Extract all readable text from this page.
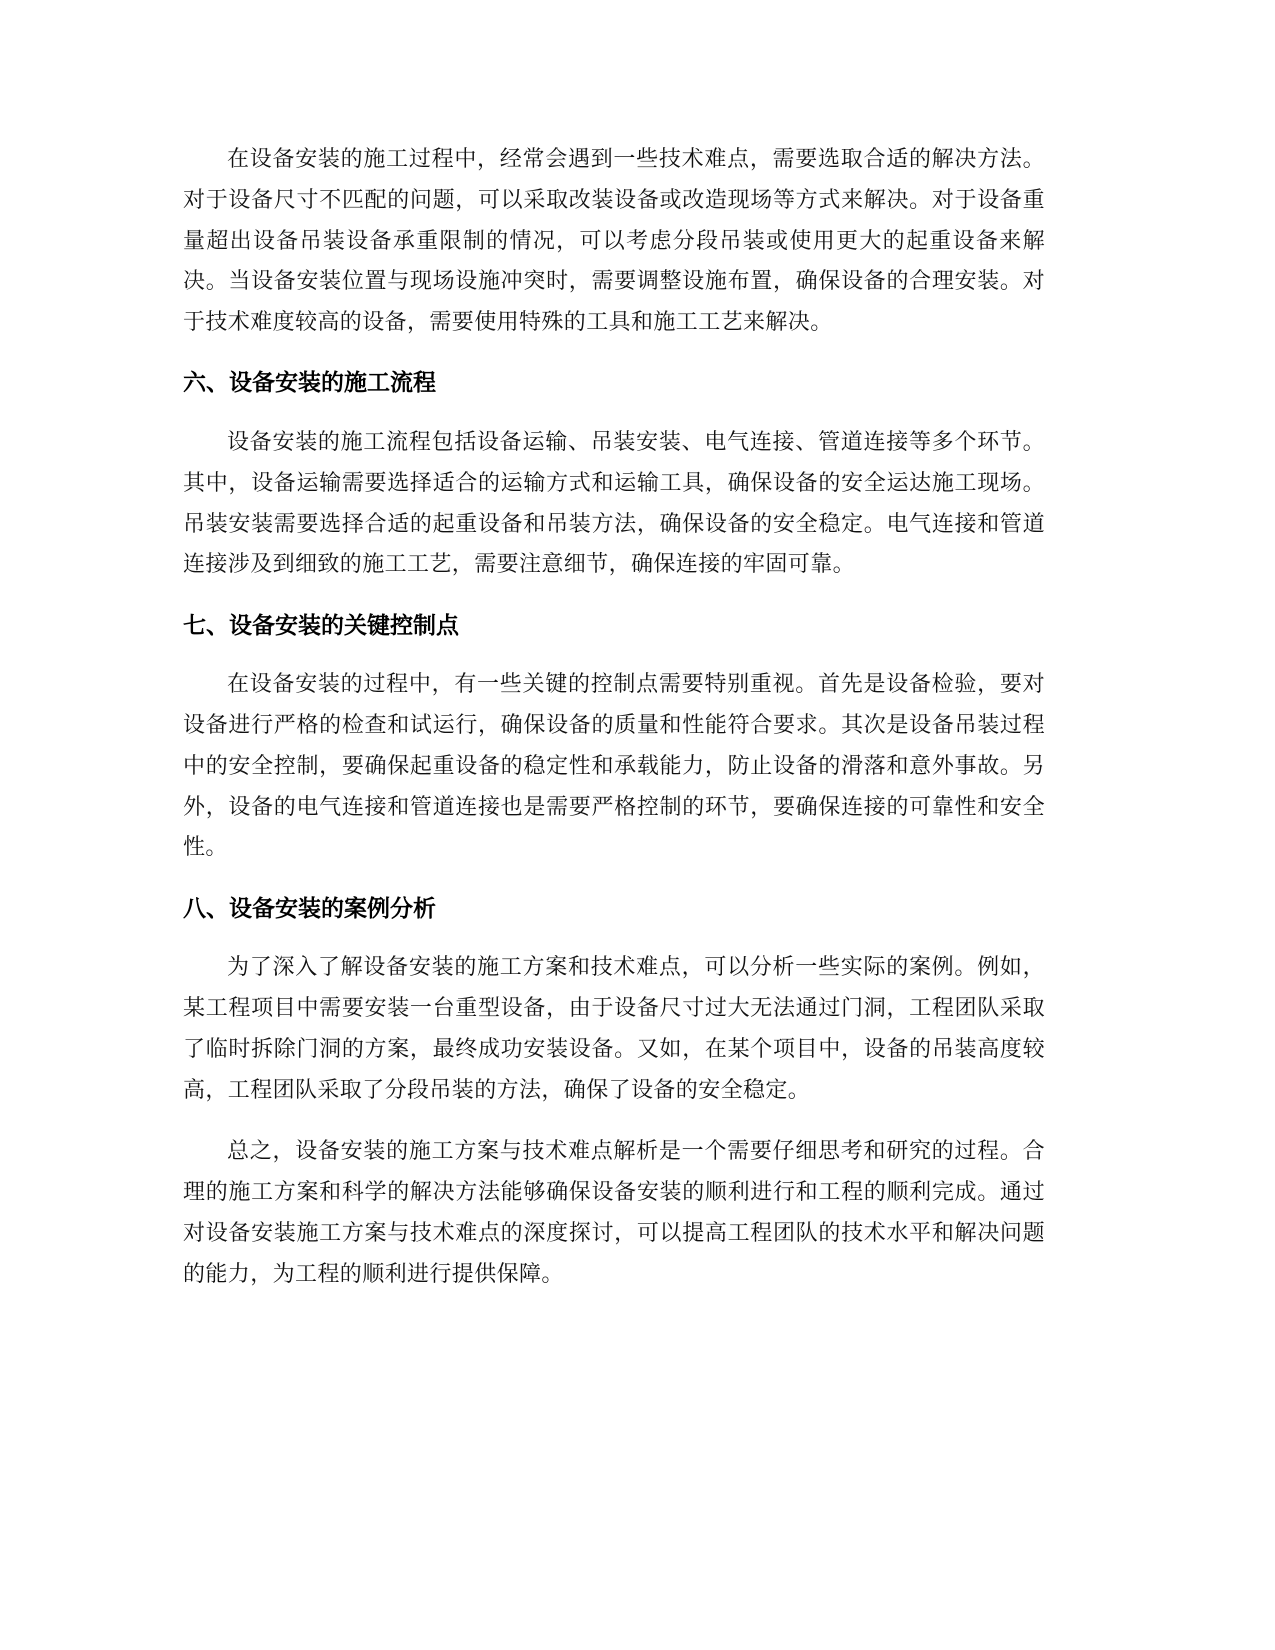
在设备安装的施工过程中，经常会遇到一些技术难点，需要选取合适的解决方法。对于设备尺寸不匹配的问题，可以采取改装设备或改造现场等方式来解决。对于设备重量超出设备吊装设备承重限制的情况，可以考虑分段吊装或使用更大的起重设备来解决。当设备安装位置与现场设施冲突时，需要调整设施布置，确保设备的合理安装。对于技术难度较高的设备，需要使用特殊的工具和施工工艺来解决。

六、设备安装的施工流程

设备安装的施工流程包括设备运输、吊装安装、电气连接、管道连接等多个环节。其中，设备运输需要选择适合的运输方式和运输工具，确保设备的安全运达施工现场。吊装安装需要选择合适的起重设备和吊装方法，确保设备的安全稳定。电气连接和管道连接涉及到细致的施工工艺，需要注意细节，确保连接的牢固可靠。

七、设备安装的关键控制点

在设备安装的过程中，有一些关键的控制点需要特别重视。首先是设备检验，要对设备进行严格的检查和试运行，确保设备的质量和性能符合要求。其次是设备吊装过程中的安全控制，要确保起重设备的稳定性和承载能力，防止设备的滑落和意外事故。另外，设备的电气连接和管道连接也是需要严格控制的环节，要确保连接的可靠性和安全性。

八、设备安装的案例分析

为了深入了解设备安装的施工方案和技术难点，可以分析一些实际的案例。例如，某工程项目中需要安装一台重型设备，由于设备尺寸过大无法通过门洞，工程团队采取了临时拆除门洞的方案，最终成功安装设备。又如，在某个项目中，设备的吊装高度较高，工程团队采取了分段吊装的方法，确保了设备的安全稳定。

总之，设备安装的施工方案与技术难点解析是一个需要仔细思考和研究的过程。合理的施工方案和科学的解决方法能够确保设备安装的顺利进行和工程的顺利完成。通过对设备安装施工方案与技术难点的深度探讨，可以提高工程团队的技术水平和解决问题的能力，为工程的顺利进行提供保障。
